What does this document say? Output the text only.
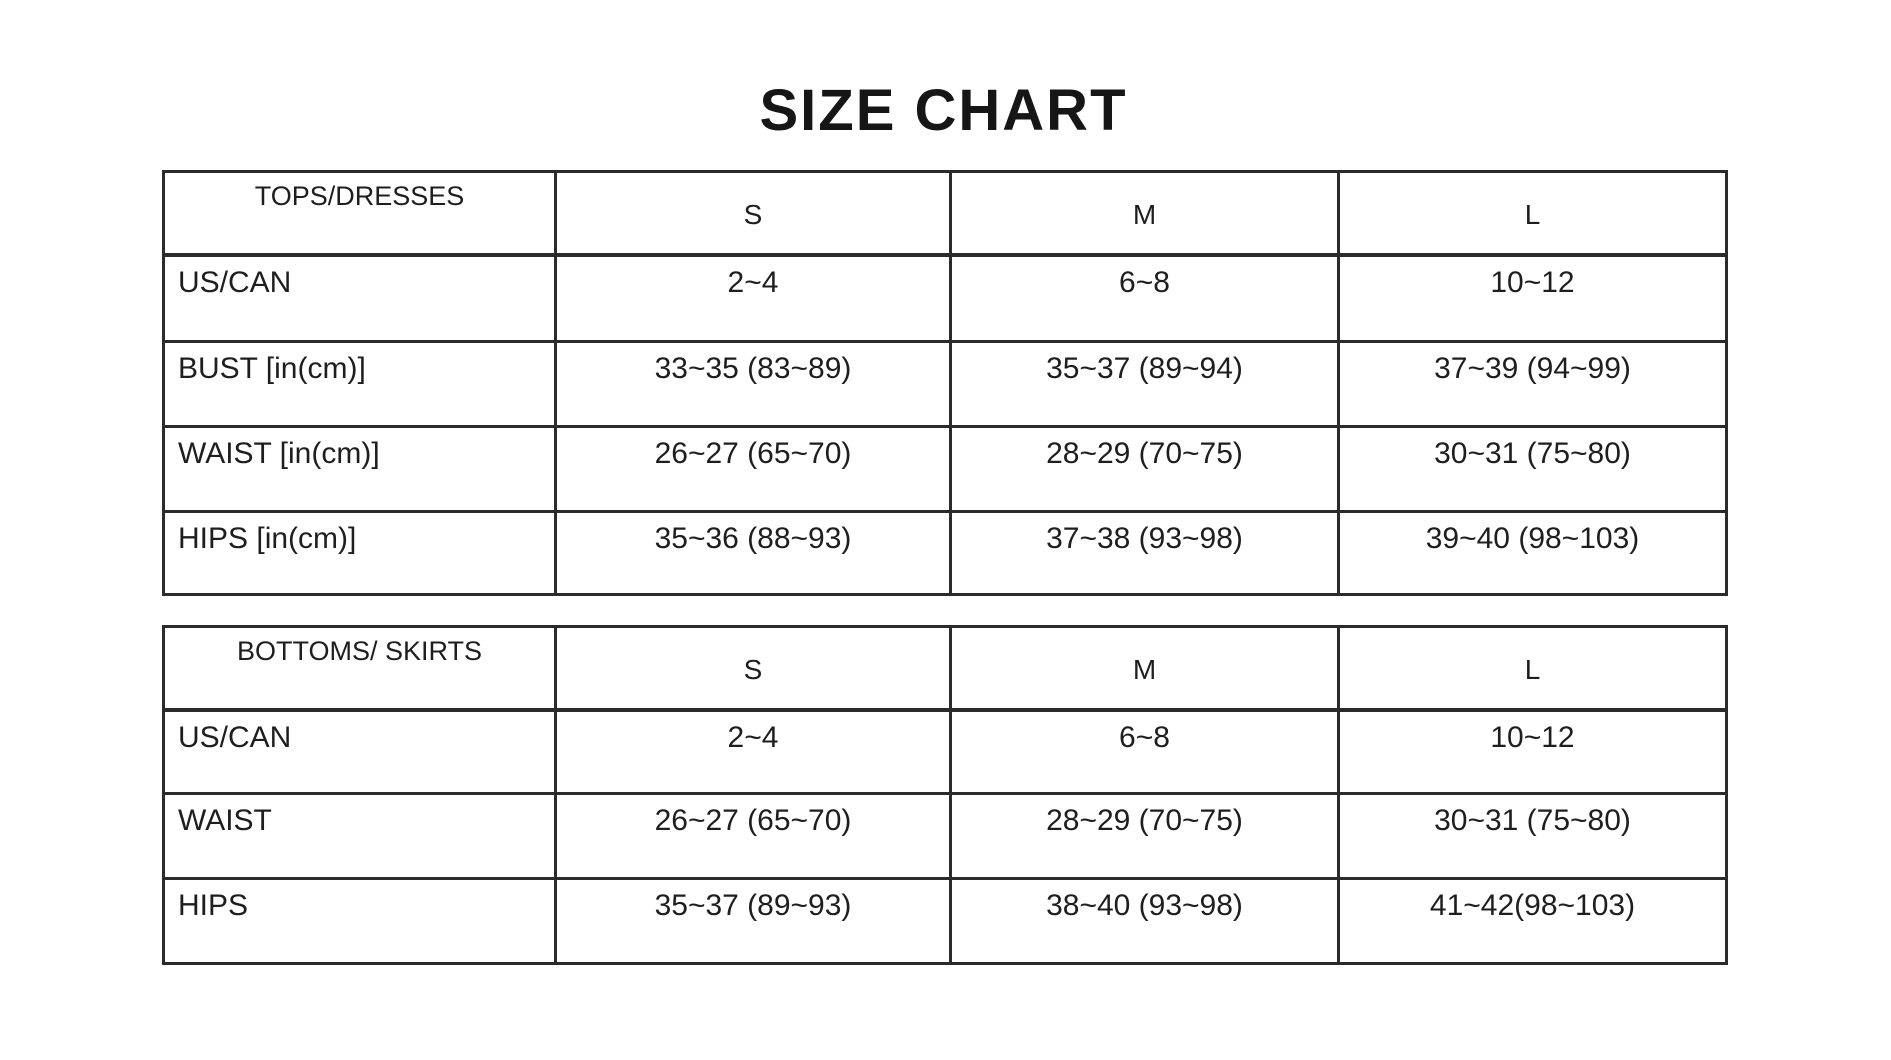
SIZE CHART
TOPS/DRESSES	S	M	L
US/CAN	2~4	6~8	10~12
BUST [in(cm)]	33~35 (83~89)	35~37 (89~94)	37~39 (94~99)
WAIST [in(cm)]	26~27 (65~70)	28~29 (70~75)	30~31 (75~80)
HIPS [in(cm)]	35~36 (88~93)	37~38 (93~98)	39~40 (98~103)
BOTTOMS/ SKIRTS	S	M	L
US/CAN	2~4	6~8	10~12
WAIST	26~27 (65~70)	28~29 (70~75)	30~31 (75~80)
HIPS	35~37 (89~93)	38~40 (93~98)	41~42(98~103)
